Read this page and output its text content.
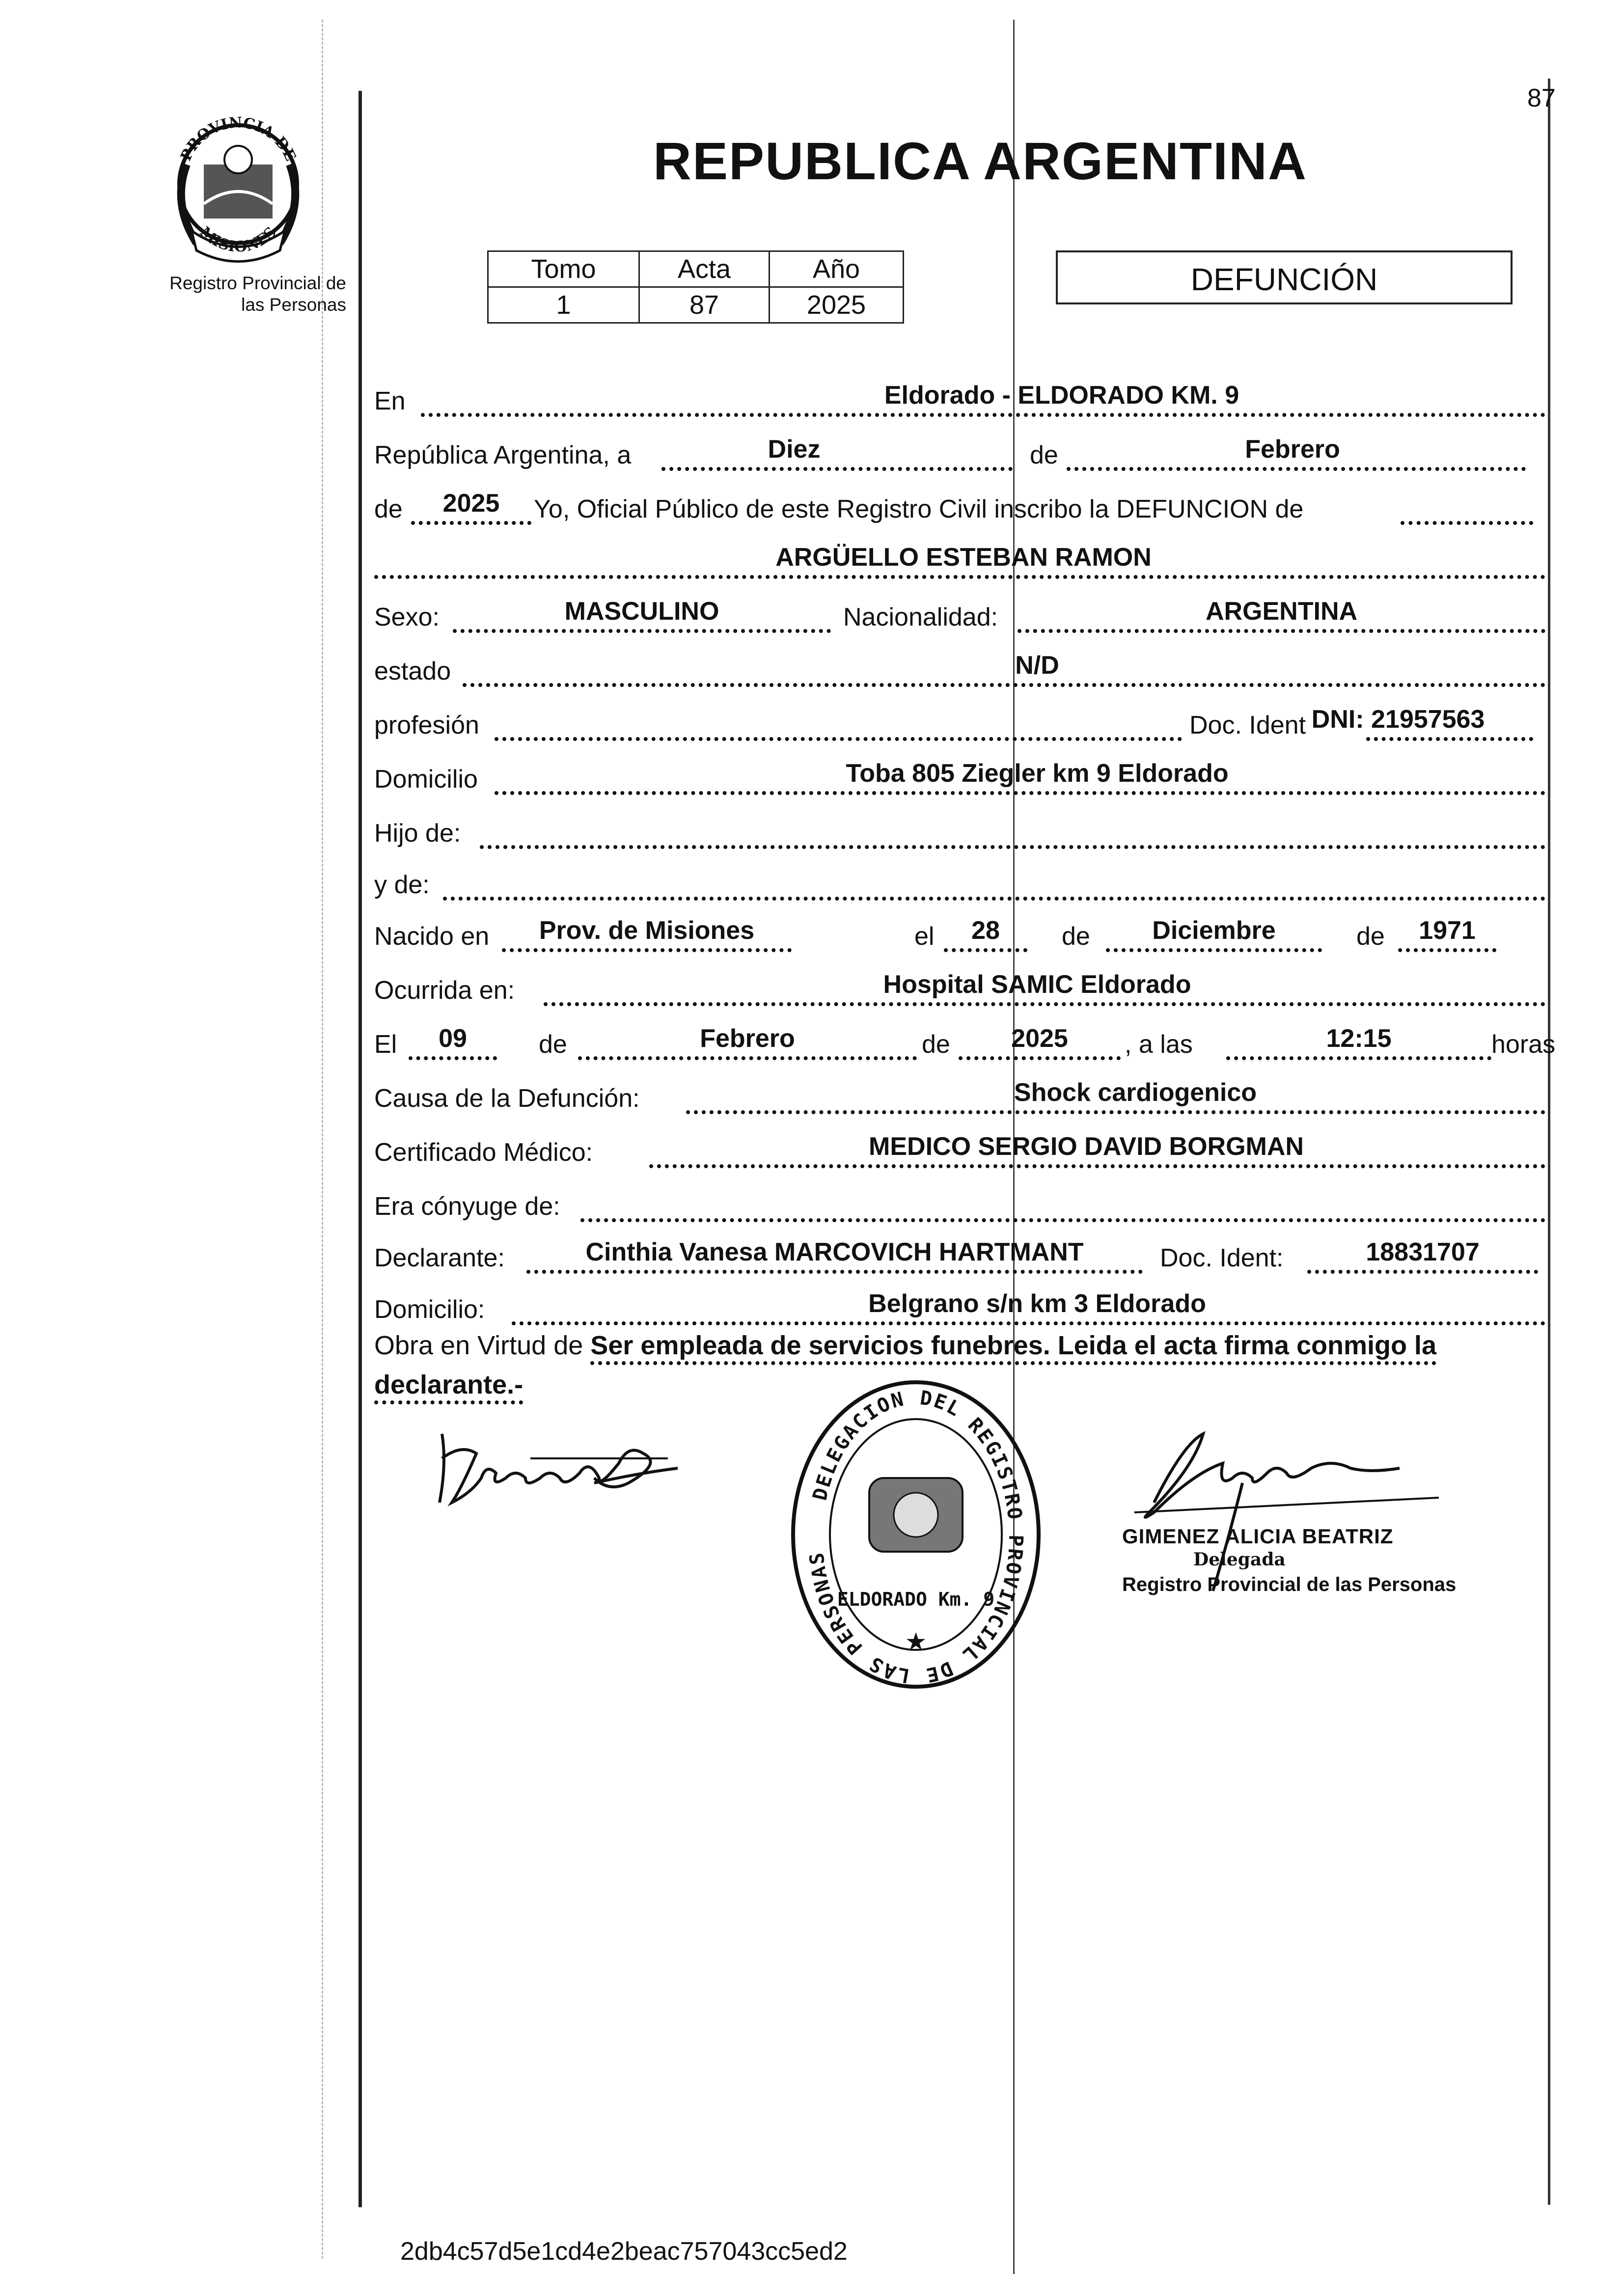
87
PROVINCIA DE
MISIONES
Registro Provincial de
las Personas
REPUBLICA ARGENTINA
Tomo	Acta	Año
1	87	2025
DEFUNCIÓN
En	Eldorado - ELDORADO KM. 9
República Argentina, a	Diez	de	Febrero
de	2025	Yo, Oficial Público de este Registro Civil inscribo la DEFUNCION de
ARGÜELLO ESTEBAN RAMON
Sexo:	MASCULINO	Nacionalidad:	ARGENTINA
estado	N/D
profesión	Doc. Ident DNI: 21957563
Domicilio	Toba 805 Ziegler km 9 Eldorado
Hijo de:
y de:
Nacido en	Prov. de Misiones	el	28	de	Diciembre	de	1971
Ocurrida en:	Hospital SAMIC Eldorado
El	09	de	Febrero	de	2025	, a las	12:15	horas
Causa de la Defunción:	Shock cardiogenico
Certificado Médico:	MEDICO SERGIO DAVID BORGMAN
Era cónyuge de:
Declarante:	Cinthia Vanesa MARCOVICH HARTMANT	Doc. Ident:	18831707
Domicilio:	Belgrano s/n km 3 Eldorado
Obra en Virtud de Ser empleada de servicios funebres. Leida el acta firma conmigo la declarante.-
DELEGACION DEL REGISTRO PROVINCIAL DE LAS PERSONAS
ELDORADO Km. 9
★
GIMENEZ ALICIA BEATRIZ
Delegada
Registro Provincial de las Personas
2db4c57d5e1cd4e2beac757043cc5ed2
